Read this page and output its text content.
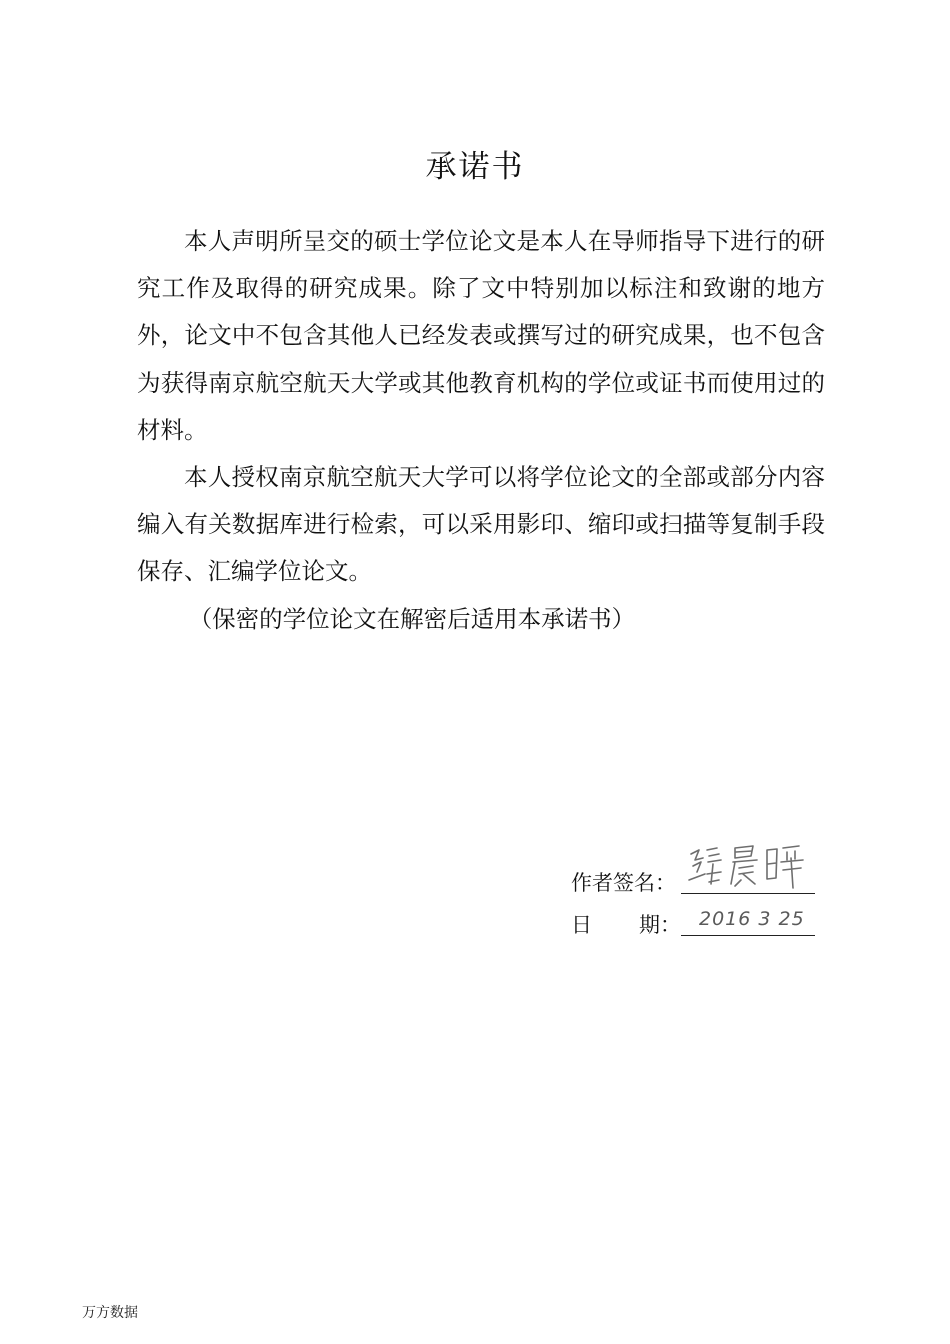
承诺书

本人声明所呈交的硕士学位论文是本人在导师指导下进行的研究工作及取得的研究成果。除了文中特别加以标注和致谢的地方外，论文中不包含其他人已经发表或撰写过的研究成果，也不包含为获得南京航空航天大学或其他教育机构的学位或证书而使用过的材料。

本人授权南京航空航天大学可以将学位论文的全部或部分内容编入有关数据库进行检索，可以采用影印、缩印或扫描等复制手段保存、汇编学位论文。

（保密的学位论文在解密后适用本承诺书）

作者签名：
日 期： 2016 3 25
万方数据
